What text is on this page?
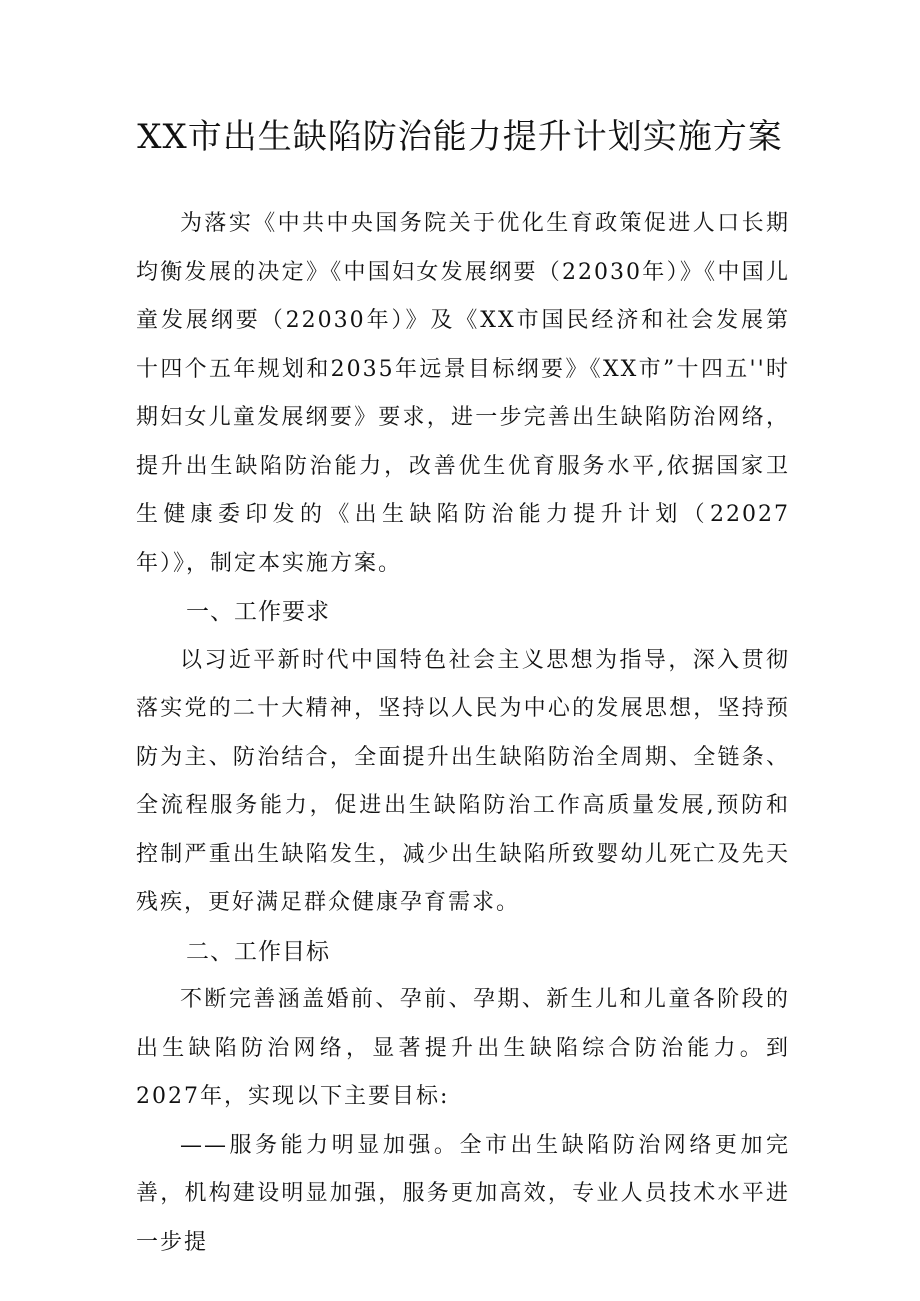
XX市出生缺陷防治能力提升计划实施方案

为落实《中共中央国务院关于优化生育政策促进人口长期均衡发展的决定》《中国妇女发展纲要（22030年）》《中国儿童发展纲要（22030年）》及《XX市国民经济和社会发展第十四个五年规划和2035年远景目标纲要》《XX市”十四五''时期妇女儿童发展纲要》要求，进一步完善出生缺陷防治网络，提升出生缺陷防治能力，改善优生优育服务水平,依据国家卫生健康委印发的《出生缺陷防治能力提升计划（22027年）》，制定本实施方案。

一、工作要求

以习近平新时代中国特色社会主义思想为指导，深入贯彻落实党的二十大精神，坚持以人民为中心的发展思想，坚持预防为主、防治结合，全面提升出生缺陷防治全周期、全链条、全流程服务能力，促进出生缺陷防治工作高质量发展,预防和控制严重出生缺陷发生，减少出生缺陷所致婴幼儿死亡及先天残疾，更好满足群众健康孕育需求。

二、工作目标

不断完善涵盖婚前、孕前、孕期、新生儿和儿童各阶段的出生缺陷防治网络，显著提升出生缺陷综合防治能力。到2027年，实现以下主要目标:

——服务能力明显加强。全市出生缺陷防治网络更加完善，机构建设明显加强，服务更加高效，专业人员技术水平进一步提
